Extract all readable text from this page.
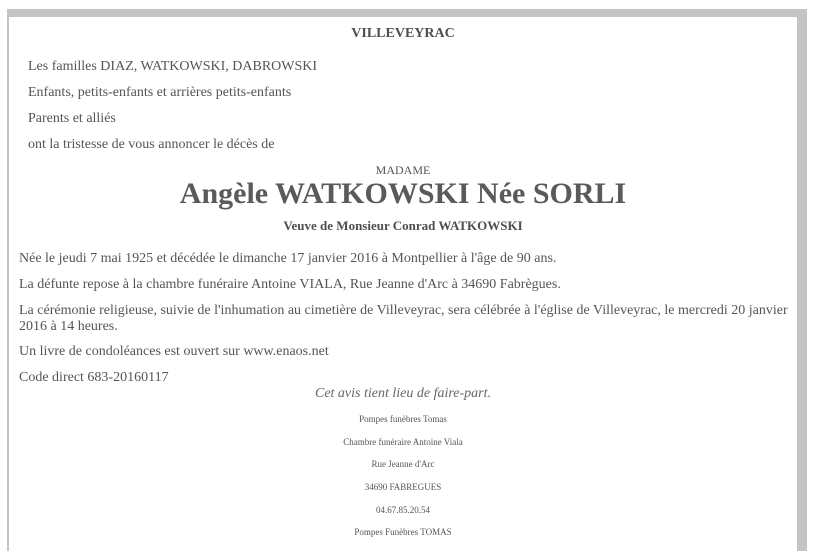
VILLEVEYRAC
Les familles DIAZ, WATKOWSKI, DABROWSKI
Enfants, petits-enfants et arrières petits-enfants
Parents et alliés
ont la tristesse de vous annoncer le décès de
MADAME
Angèle WATKOWSKI Née SORLI
Veuve de Monsieur Conrad WATKOWSKI
Née le jeudi 7 mai 1925 et décédée le dimanche 17 janvier 2016 à Montpellier à l'âge de 90 ans.
La défunte repose à la chambre funéraire Antoine VIALA, Rue Jeanne d'Arc à 34690 Fabrègues.
La cérémonie religieuse, suivie de l'inhumation au cimetière de Villeveyrac, sera célébrée à l'église de Villeveyrac, le mercredi 20 janvier 2016 à 14 heures.
Un livre de condoléances est ouvert sur www.enaos.net
Code direct 683-20160117
Cet avis tient lieu de faire-part.
Pompes funèbres Tomas
Chambre funéraire Antoine Viala
Rue Jeanne d'Arc
34690 FABREGUES
04.67.85.20.54
Pompes Funèbres TOMAS
